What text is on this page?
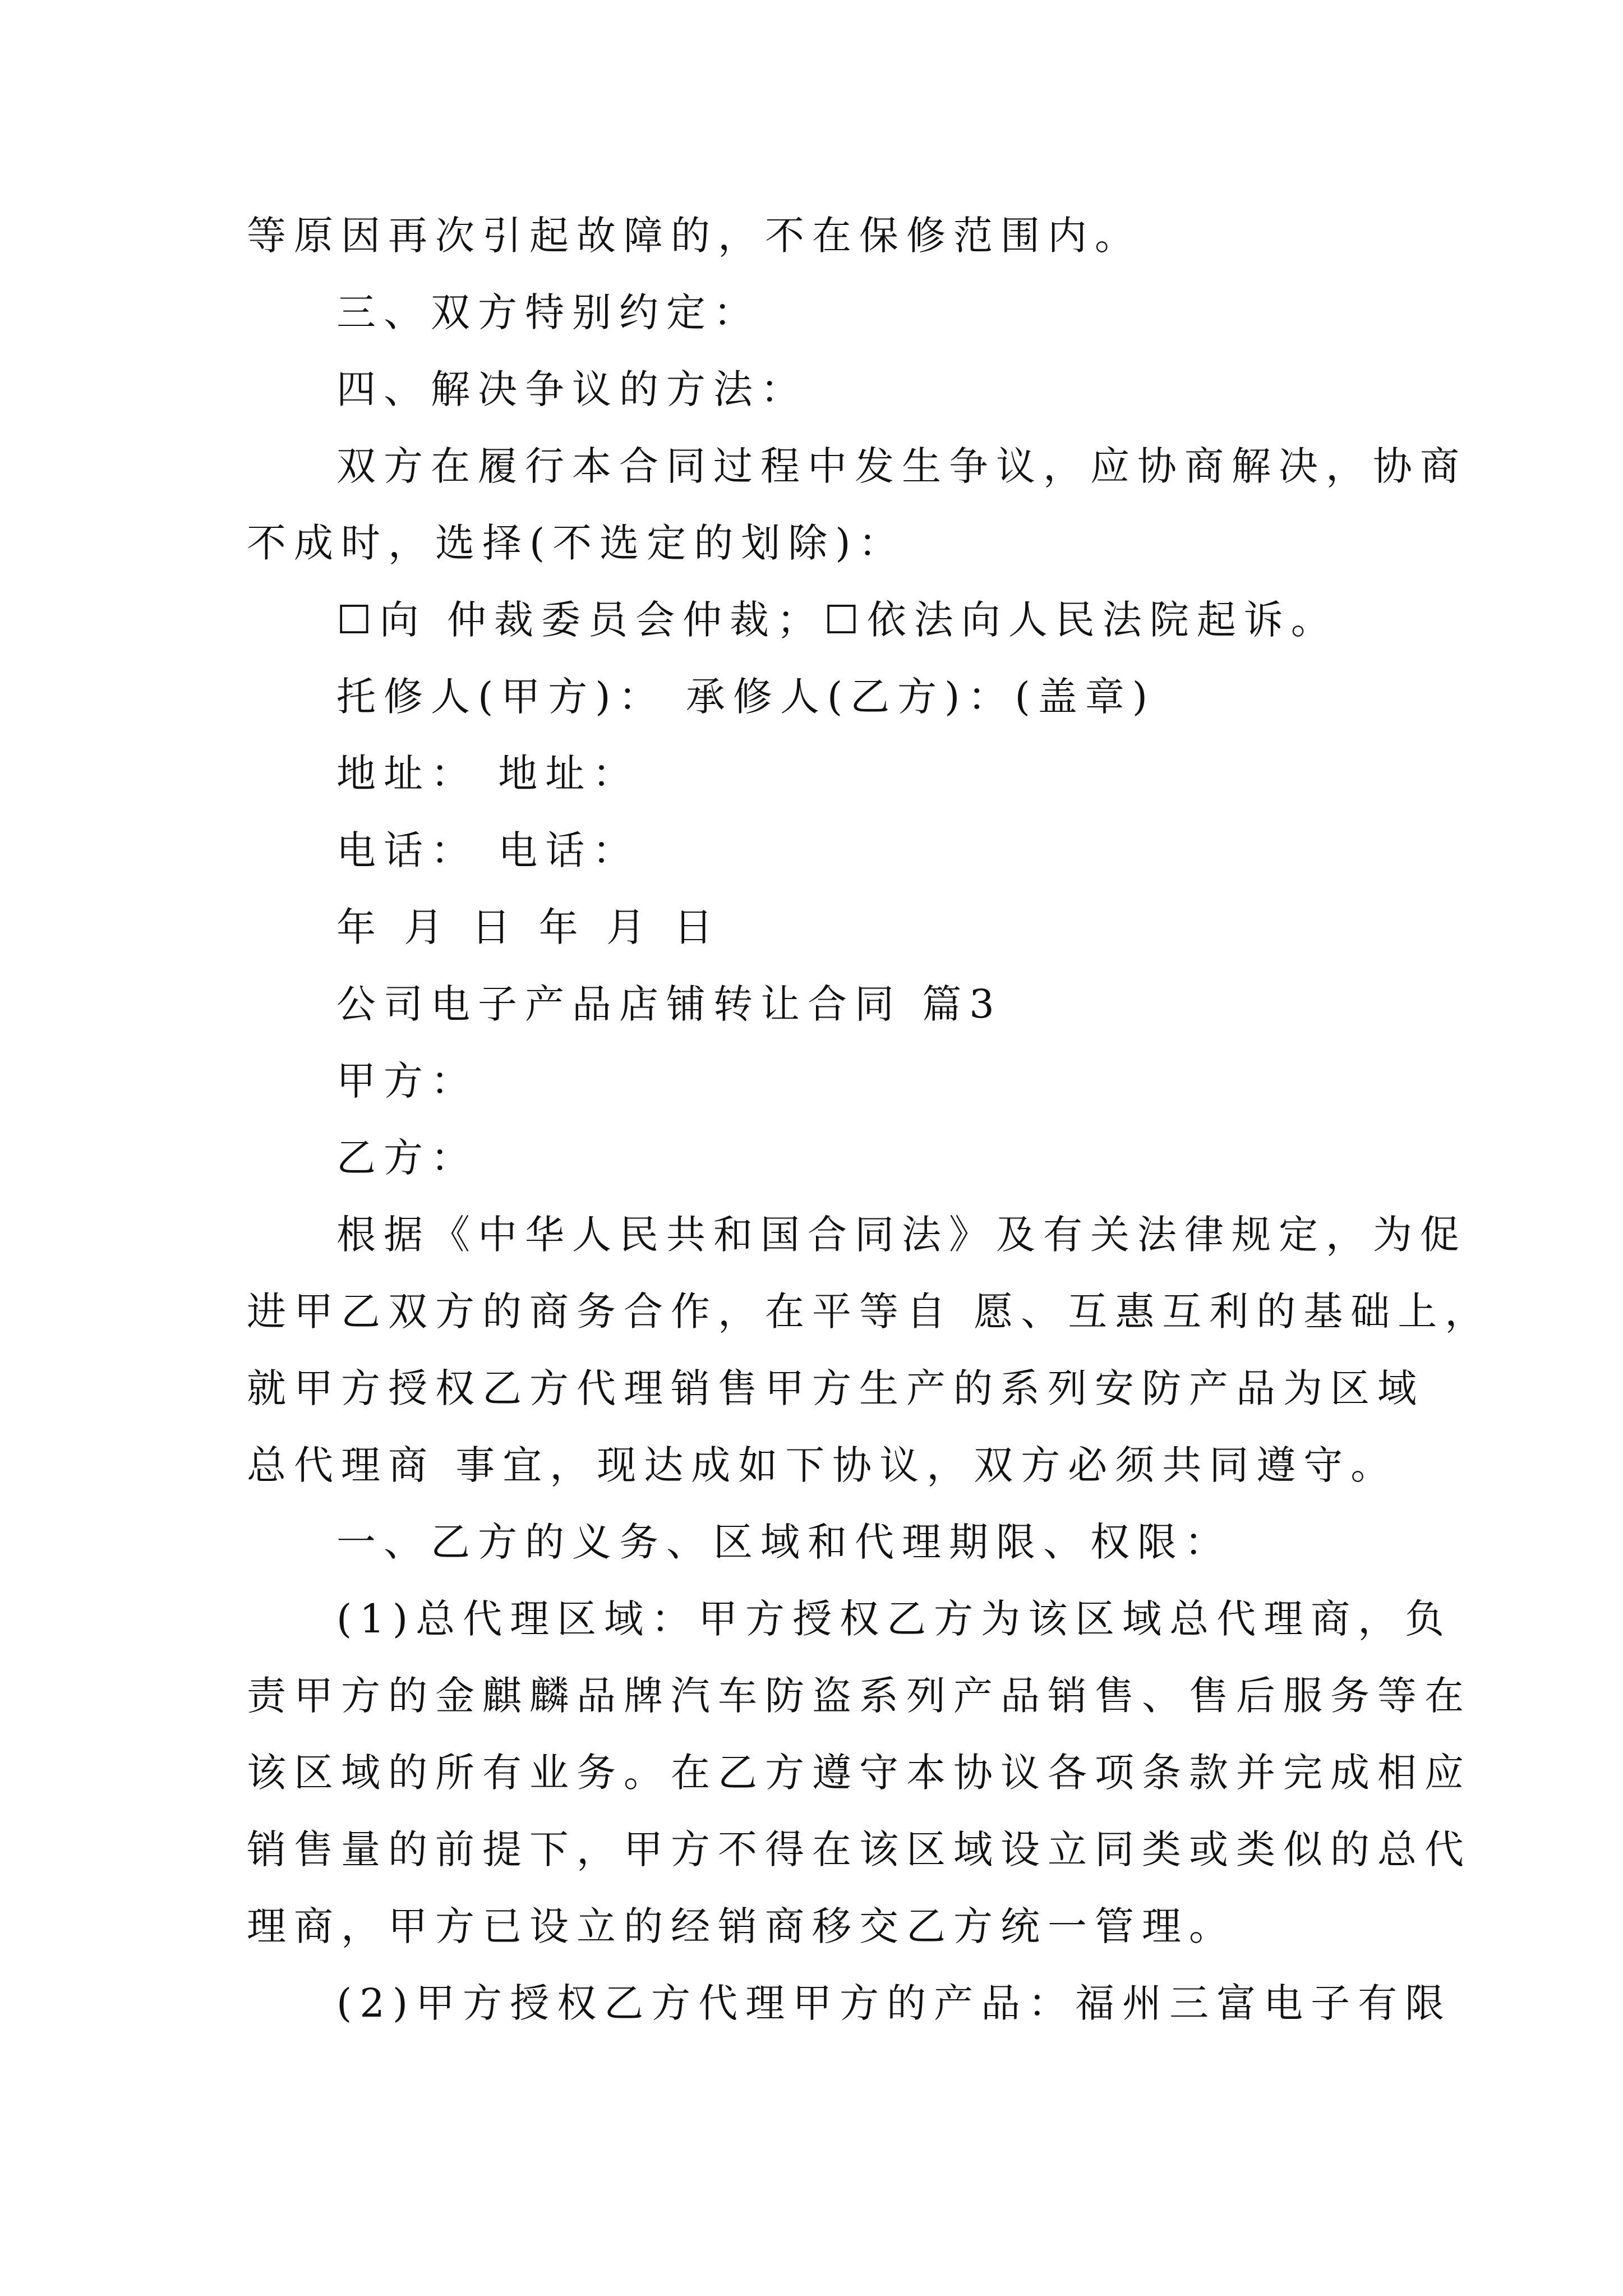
等原因再次引起故障的，不在保修范围内。
三、双方特别约定：
四、解决争议的方法：
双方在履行本合同过程中发生争议，应协商解决，协商
不成时，选择(不选定的划除)：
☐向 仲裁委员会仲裁；☐依法向人民法院起诉。
托修人(甲方)： 承修人(乙方)：(盖章)
地址： 地址：
电话： 电话：
年 月 日 年 月 日
公司电子产品店铺转让合同 篇3
甲方：
乙方：
根据《中华人民共和国合同法》及有关法律规定，为促
进甲乙双方的商务合作，在平等自 愿、互惠互利的基础上，
就甲方授权乙方代理销售甲方生产的系列安防产品为区域
总代理商 事宜，现达成如下协议，双方必须共同遵守。
一、乙方的义务、区域和代理期限、权限：
(1)总代理区域：甲方授权乙方为该区域总代理商，负
责甲方的金麒麟品牌汽车防盗系列产品销售、售后服务等在
该区域的所有业务。在乙方遵守本协议各项条款并完成相应
销售量的前提下，甲方不得在该区域设立同类或类似的总代
理商，甲方已设立的经销商移交乙方统一管理。
(2)甲方授权乙方代理甲方的产品：福州三富电子有限
